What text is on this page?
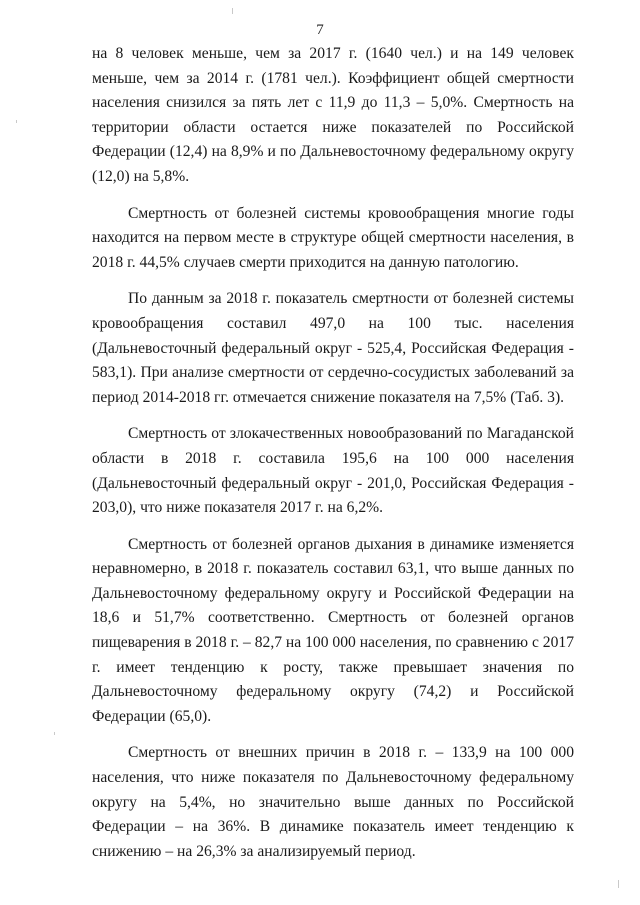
7

на 8 человек меньше, чем за 2017 г. (1640 чел.) и на 149 человек меньше, чем за 2014 г. (1781 чел.). Коэффициент общей смертности населения снизился за пять лет с 11,9 до 11,3 – 5,0%. Смертность на территории области остается ниже показателей по Российской Федерации (12,4) на 8,9% и по Дальневосточному федеральному округу (12,0) на 5,8%.

Смертность от болезней системы кровообращения многие годы находится на первом месте в структуре общей смертности населения, в 2018 г. 44,5% случаев смерти приходится на данную патологию.

По данным за 2018 г. показатель смертности от болезней системы кровообращения составил 497,0 на 100 тыс. населения (Дальневосточный федеральный округ - 525,4, Российская Федерация - 583,1). При анализе смертности от сердечно-сосудистых заболеваний за период 2014-2018 гг. отмечается снижение показателя на 7,5% (Таб. 3).

Смертность от злокачественных новообразований по Магаданской области в 2018 г. составила 195,6 на 100 000 населения (Дальневосточный федеральный округ - 201,0, Российская Федерация - 203,0), что ниже показателя 2017 г. на 6,2%.

Смертность от болезней органов дыхания в динамике изменяется неравномерно, в 2018 г. показатель составил 63,1, что выше данных по Дальневосточному федеральному округу и Российской Федерации на 18,6 и 51,7% соответственно. Смертность от болезней органов пищеварения в 2018 г. – 82,7 на 100 000 населения, по сравнению с 2017 г. имеет тенденцию к росту, также превышает значения по Дальневосточному федеральному округу (74,2) и Российской Федерации (65,0).

Смертность от внешних причин в 2018 г. – 133,9 на 100 000 населения, что ниже показателя по Дальневосточному федеральному округу на 5,4%, но значительно выше данных по Российской Федерации – на 36%. В динамике показатель имеет тенденцию к снижению – на 26,3% за анализируемый период.
